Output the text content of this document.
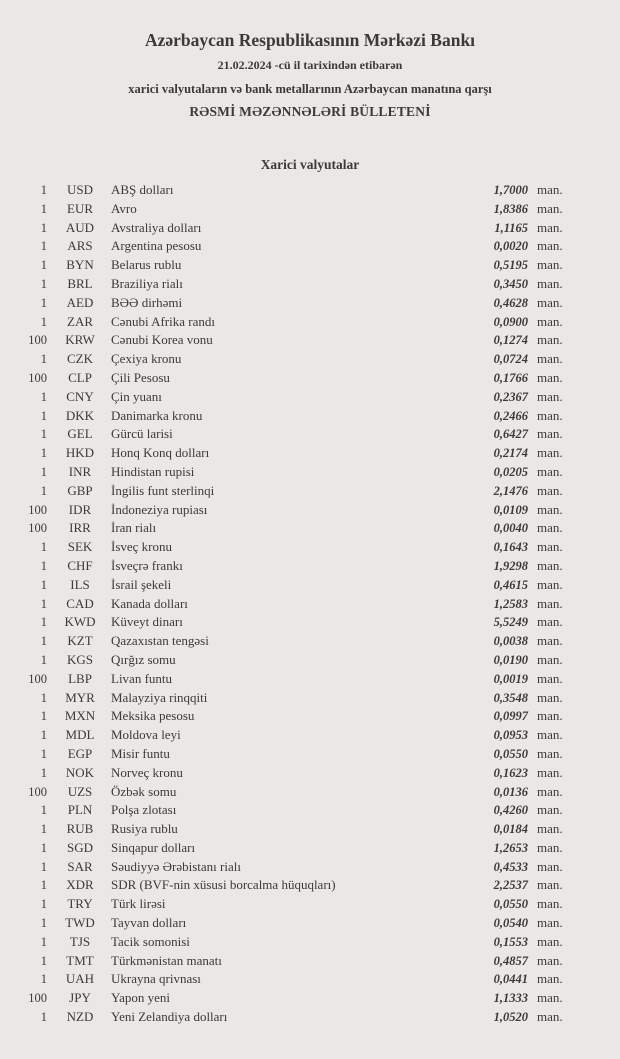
Azərbaycan Respublikasının Mərkəzi Bankı
21.02.2024 -cü il tarixindən etibarən
xarici valyutaların və bank metallarının Azərbaycan manatına qarşı
RƏSMİ MƏZƏNNƏLƏRİ BÜLLETENİ
Xarici valyutalar
1	USD	ABŞ dolları	1,7000 man.
1	EUR	Avro	1,8386 man.
1	AUD	Avstraliya dolları	1,1165 man.
1	ARS	Argentina pesosu	0,0020 man.
1	BYN	Belarus rublu	0,5195 man.
1	BRL	Braziliya rialı	0,3450 man.
1	AED	BƏƏ dirhəmi	0,4628 man.
1	ZAR	Cənubi Afrika randı	0,0900 man.
100	KRW	Cənubi Korea vonu	0,1274 man.
1	CZK	Çexiya kronu	0,0724 man.
100	CLP	Çili Pesosu	0,1766 man.
1	CNY	Çin yuanı	0,2367 man.
1	DKK	Danimarka kronu	0,2466 man.
1	GEL	Gürcü larisi	0,6427 man.
1	HKD	Honq Konq dolları	0,2174 man.
1	INR	Hindistan rupisi	0,0205 man.
1	GBP	İngilis funt sterlinqi	2,1476 man.
100	IDR	İndoneziya rupiası	0,0109 man.
100	IRR	İran rialı	0,0040 man.
1	SEK	İsveç kronu	0,1643 man.
1	CHF	İsveçrə frankı	1,9298 man.
1	ILS	İsrail şekeli	0,4615 man.
1	CAD	Kanada dolları	1,2583 man.
1	KWD	Küveyt dinarı	5,5249 man.
1	KZT	Qazaxıstan tengəsi	0,0038 man.
1	KGS	Qırğız somu	0,0190 man.
100	LBP	Livan funtu	0,0019 man.
1	MYR	Malayziya rinqqiti	0,3548 man.
1	MXN	Meksika pesosu	0,0997 man.
1	MDL	Moldova leyi	0,0953 man.
1	EGP	Misir funtu	0,0550 man.
1	NOK	Norveç kronu	0,1623 man.
100	UZS	Özbək somu	0,0136 man.
1	PLN	Polşa zlotası	0,4260 man.
1	RUB	Rusiya rublu	0,0184 man.
1	SGD	Sinqapur dolları	1,2653 man.
1	SAR	Səudiyyə Ərəbistanı rialı	0,4533 man.
1	XDR	SDR (BVF-nin xüsusi borcalma hüquqları)	2,2537 man.
1	TRY	Türk lirəsi	0,0550 man.
1	TWD	Tayvan dolları	0,0540 man.
1	TJS	Tacik somonisi	0,1553 man.
1	TMT	Türkmənistan manatı	0,4857 man.
1	UAH	Ukrayna qrivnası	0,0441 man.
100	JPY	Yapon yeni	1,1333 man.
1	NZD	Yeni Zelandiya dolları	1,0520 man.
